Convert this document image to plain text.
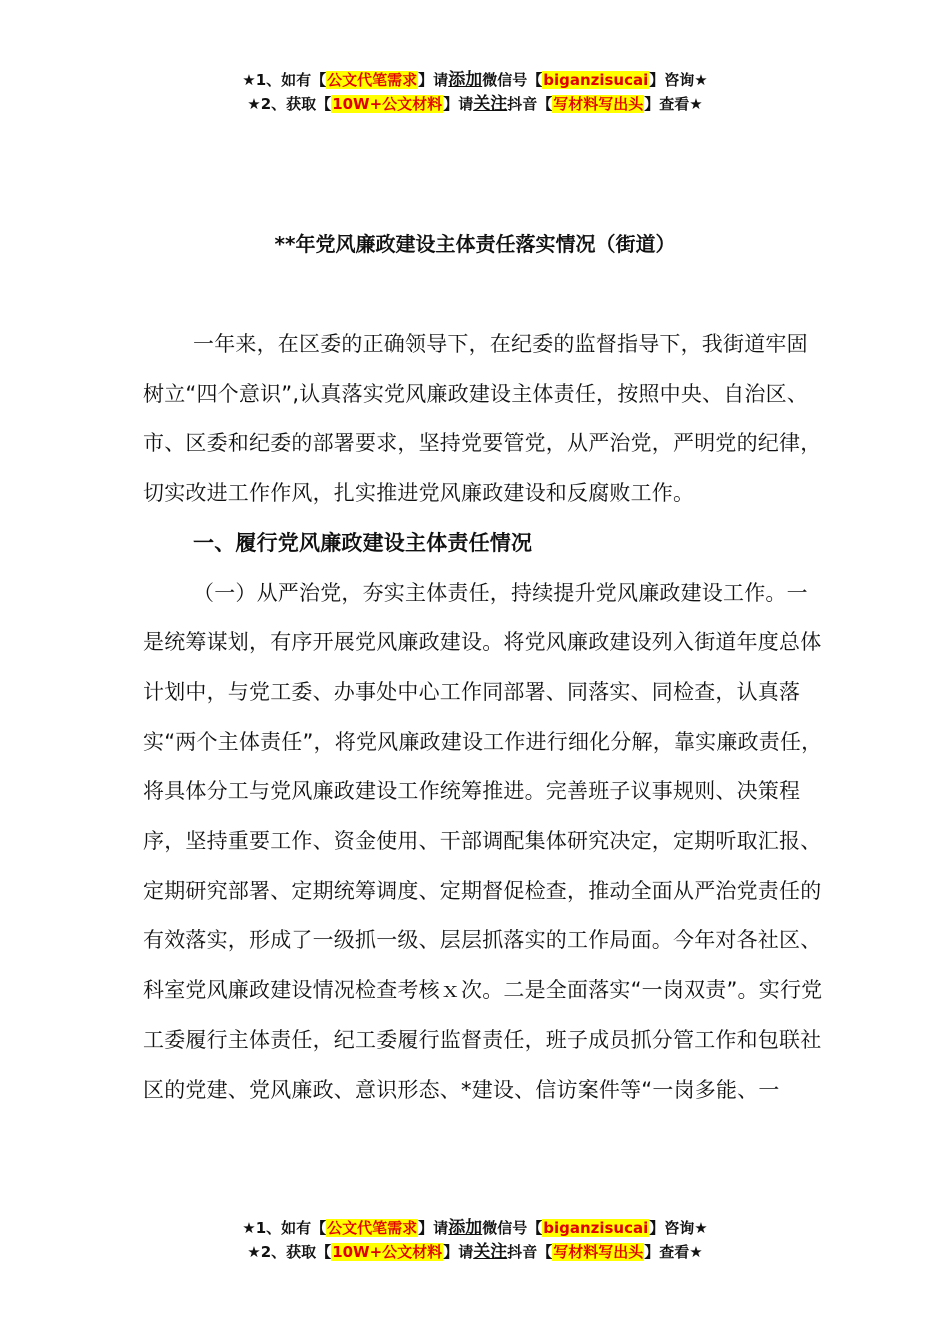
★1、如有【公文代笔需求】请添加微信号【biganzisucai】咨询★
★2、获取【10W+公文材料】请关注抖音【写材料写出头】查看★
**年党风廉政建设主体责任落实情况（街道）

一年来，在区委的正确领导下，在纪委的监督指导下，我街道牢固树立“四个意识”,认真落实党风廉政建设主体责任，按照中央、自治区、市、区委和纪委的部署要求，坚持党要管党，从严治党，严明党的纪律，切实改进工作作风，扎实推进党风廉政建设和反腐败工作。

一、履行党风廉政建设主体责任情况

（一）从严治党，夯实主体责任，持续提升党风廉政建设工作。一是统筹谋划，有序开展党风廉政建设。将党风廉政建设列入街道年度总体计划中，与党工委、办事处中心工作同部署、同落实、同检查，认真落实“两个主体责任”，将党风廉政建设工作进行细化分解，靠实廉政责任，将具体分工与党风廉政建设工作统筹推进。完善班子议事规则、决策程序，坚持重要工作、资金使用、干部调配集体研究决定，定期听取汇报、定期研究部署、定期统筹调度、定期督促检查，推动全面从严治党责任的有效落实，形成了一级抓一级、层层抓落实的工作局面。今年对各社区、科室党风廉政建设情况检查考核ｘ次。二是全面落实“一岗双责”。实行党工委履行主体责任，纪工委履行监督责任，班子成员抓分管工作和包联社区的党建、党风廉政、意识形态、*建设、信访案件等“一岗多能、一

★1、如有【公文代笔需求】请添加微信号【biganzisucai】咨询★
★2、获取【10W+公文材料】请关注抖音【写材料写出头】查看★
